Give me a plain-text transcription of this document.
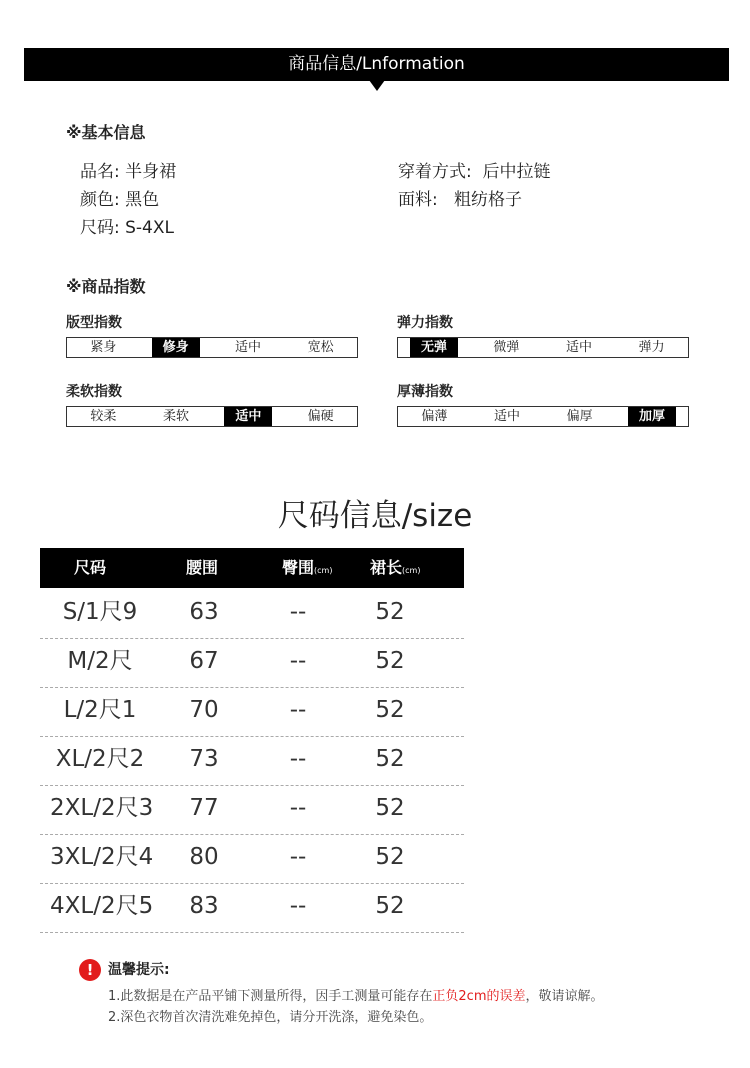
商品信息/Lnformation
※基本信息
品名: 半身裙
颜色: 黑色
尺码: S-4XL
穿着方式:  后中拉链
面料:   粗纺格子
※商品指数
版型指数
紧身	修身	适中	宽松
弹力指数
无弹	微弹	适中	弹力
柔软指数
较柔	柔软	适中	偏硬
厚薄指数
偏薄	适中	偏厚	加厚
尺码信息/size
尺码	腰围	臀围(cm) 裙长(cm)
S/1尺9	63	--	52
M/2尺	67	--	52
L/2尺1	70	--	52
XL/2尺2	73	--	52
2XL/2尺3	77	--	52
3XL/2尺4	80	--	52
4XL/2尺5	83	--	52
!	温馨提示:
1.此数据是在产品平铺下测量所得，因手工测量可能存在正负2cm的误差，敬请谅解。
2.深色衣物首次清洗难免掉色，请分开洗涤，避免染色。
